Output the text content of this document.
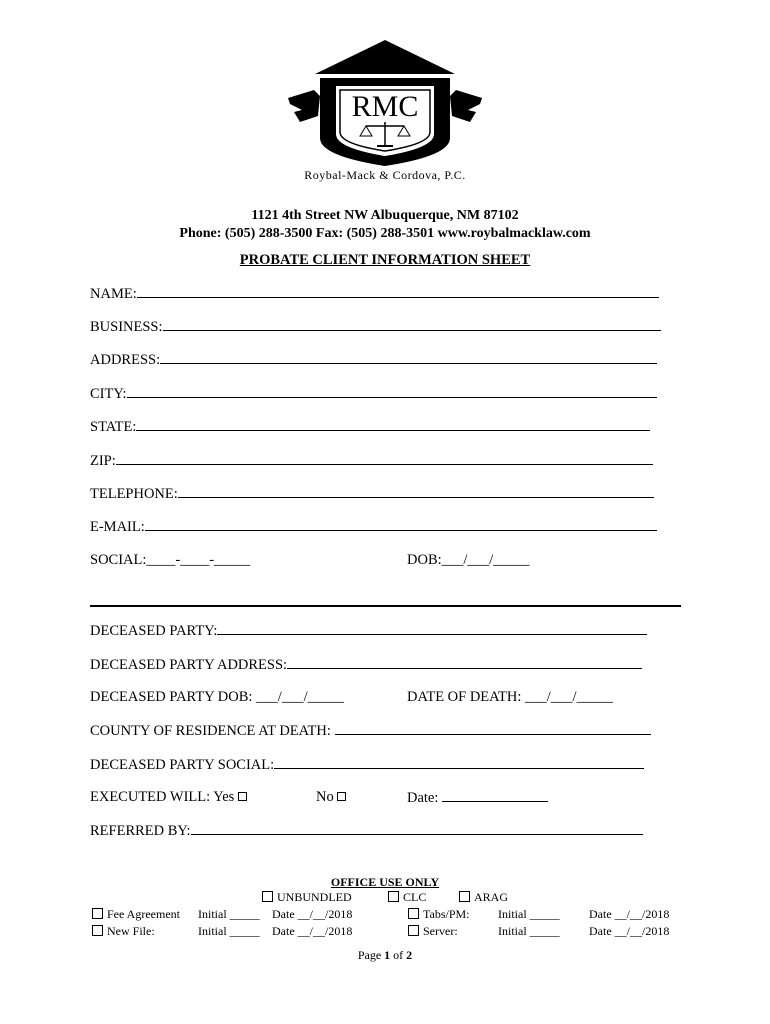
RMC
Roybal-Mack & Cordova, P.C.
1121 4th Street NW Albuquerque, NM 87102
Phone: (505) 288-3500 Fax: (505) 288-3501 www.roybalmacklaw.com
PROBATE CLIENT INFORMATION SHEET
NAME:
BUSINESS:
ADDRESS:
CITY:
STATE:
ZIP:
TELEPHONE:
E-MAIL:
SOCIAL:____-____-_____	DOB:___/___/_____
DECEASED PARTY:
DECEASED PARTY ADDRESS:
DECEASED PARTY DOB: ___/___/_____	DATE OF DEATH: ___/___/_____
COUNTY OF RESIDENCE AT DEATH:
DECEASED PARTY SOCIAL:
EXECUTED WILL: Yes	No	Date:
REFERRED BY:
OFFICE USE ONLY
UNBUNDLED	CLC	ARAG
Fee Agreement Initial _____ Date __/__/2018	Tabs/PM: Initial _____ Date __/__/2018
New File:	Initial _____ Date __/__/2018	Server:	Initial _____ Date __/__/2018
Page 1 of 2
